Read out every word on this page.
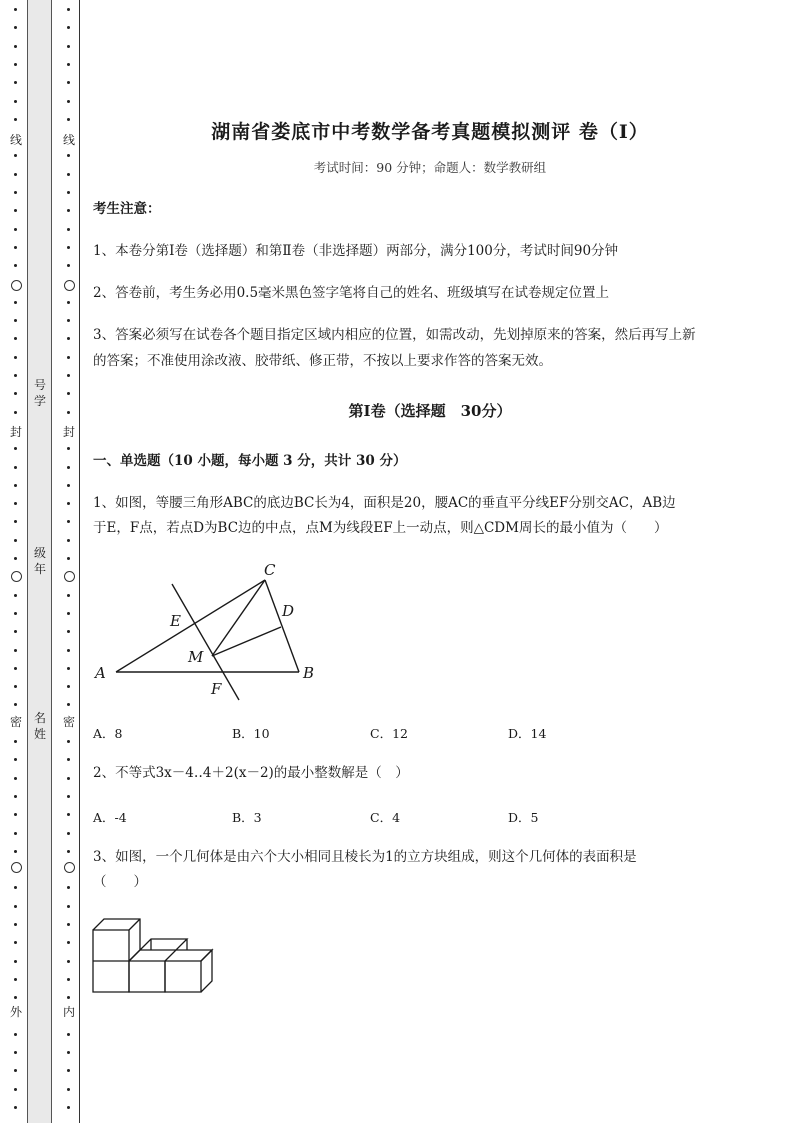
线
封
密
外
线
封
密
内
号学
级年
名姓
湖南省娄底市中考数学备考真题模拟测评 卷（Ⅰ）
考试时间：90 分钟；命题人：数学教研组
考生注意：
1、本卷分第Ⅰ卷（选择题）和第Ⅱ卷（非选择题）两部分，满分100分，考试时间90分钟
2、答卷前，考生务必用0.5毫米黑色签字笔将自己的姓名、班级填写在试卷规定位置上
3、答案必须写在试卷各个题目指定区域内相应的位置，如需改动，先划掉原来的答案，然后再写上新
的答案；不准使用涂改液、胶带纸、修正带，不按以上要求作答的答案无效。
第Ⅰ卷（选择题　30分）
一、单选题（10 小题，每小题 3 分，共计 30 分）
1、如图，等腰三角形ABC的底边BC长为4，面积是20，腰AC的垂直平分线EF分别交AC，AB边
于E，F点，若点D为BC边的中点，点M为线段EF上一动点，则△CDM周长的最小值为（　　）
C
D
E
M
A
F
B
A．8	B．10	C．12	D．14
2、不等式3x－4‥4＋2(x－2)的最小整数解是（　）
A．-4	B．3	C．4	D．5
3、如图，一个几何体是由六个大小相同且棱长为1的立方块组成，则这个几何体的表面积是
（　　）
